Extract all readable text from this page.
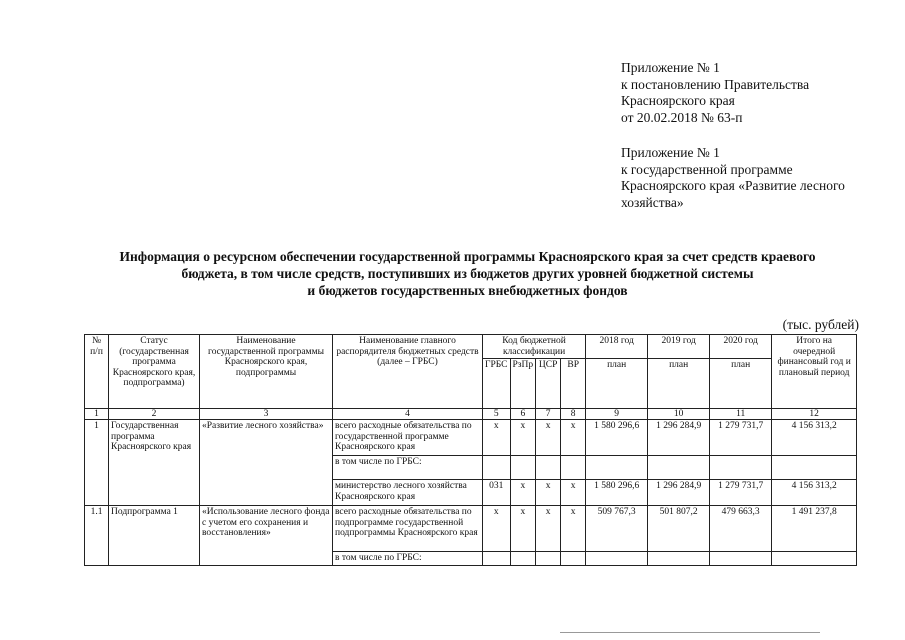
Приложение № 1
к постановлению Правительства
Красноярского края
от 20.02.2018 № 63-п
Приложение № 1
к государственной программе
Красноярского края «Развитие лесного
хозяйства»
Информация о ресурсном обеспечении государственной программы Красноярского края за счет средств краевого
бюджета, в том числе средств, поступивших из бюджетов других уровней бюджетной системы
и бюджетов государственных внебюджетных фондов
(тыс. рублей)
№ п/п	Статус (государственная программа Красноярского края, подпрограмма)	Наименование государственной программы Красноярского края, подпрограммы	Наименование главного распорядителя бюджетных средств (далее – ГРБС)	Код бюджетной классификации				2018 год	2019 год	2020 год	Итого на очередной финансовый год и плановый период
				ГРБС	РзПр	ЦСР	ВР	план	план	план	
1	2	3	4	5	6	7	8	9	10	11	12
1	Государственная программа Красноярского края	«Развитие лесного хозяйства»	всего расходные обязательства по государственной программе Красноярского края	x	x	x	x	1 580 296,6	1 296 284,9	1 279 731,7	4 156 313,2
			в том числе по ГРБС:								
			министерство лесного хозяйства Красноярского края	031	x	x	x	1 580 296,6	1 296 284,9	1 279 731,7	4 156 313,2
1.1	Подпрограмма 1	«Использование лесного фонда с учетом его сохранения и восстановления»	всего расходные обязательства по подпрограмме государственной подпрограммы Красноярского края	x	x	x	x	509 767,3	501 807,2	479 663,3	1 491 237,8
			в том числе по ГРБС:								
